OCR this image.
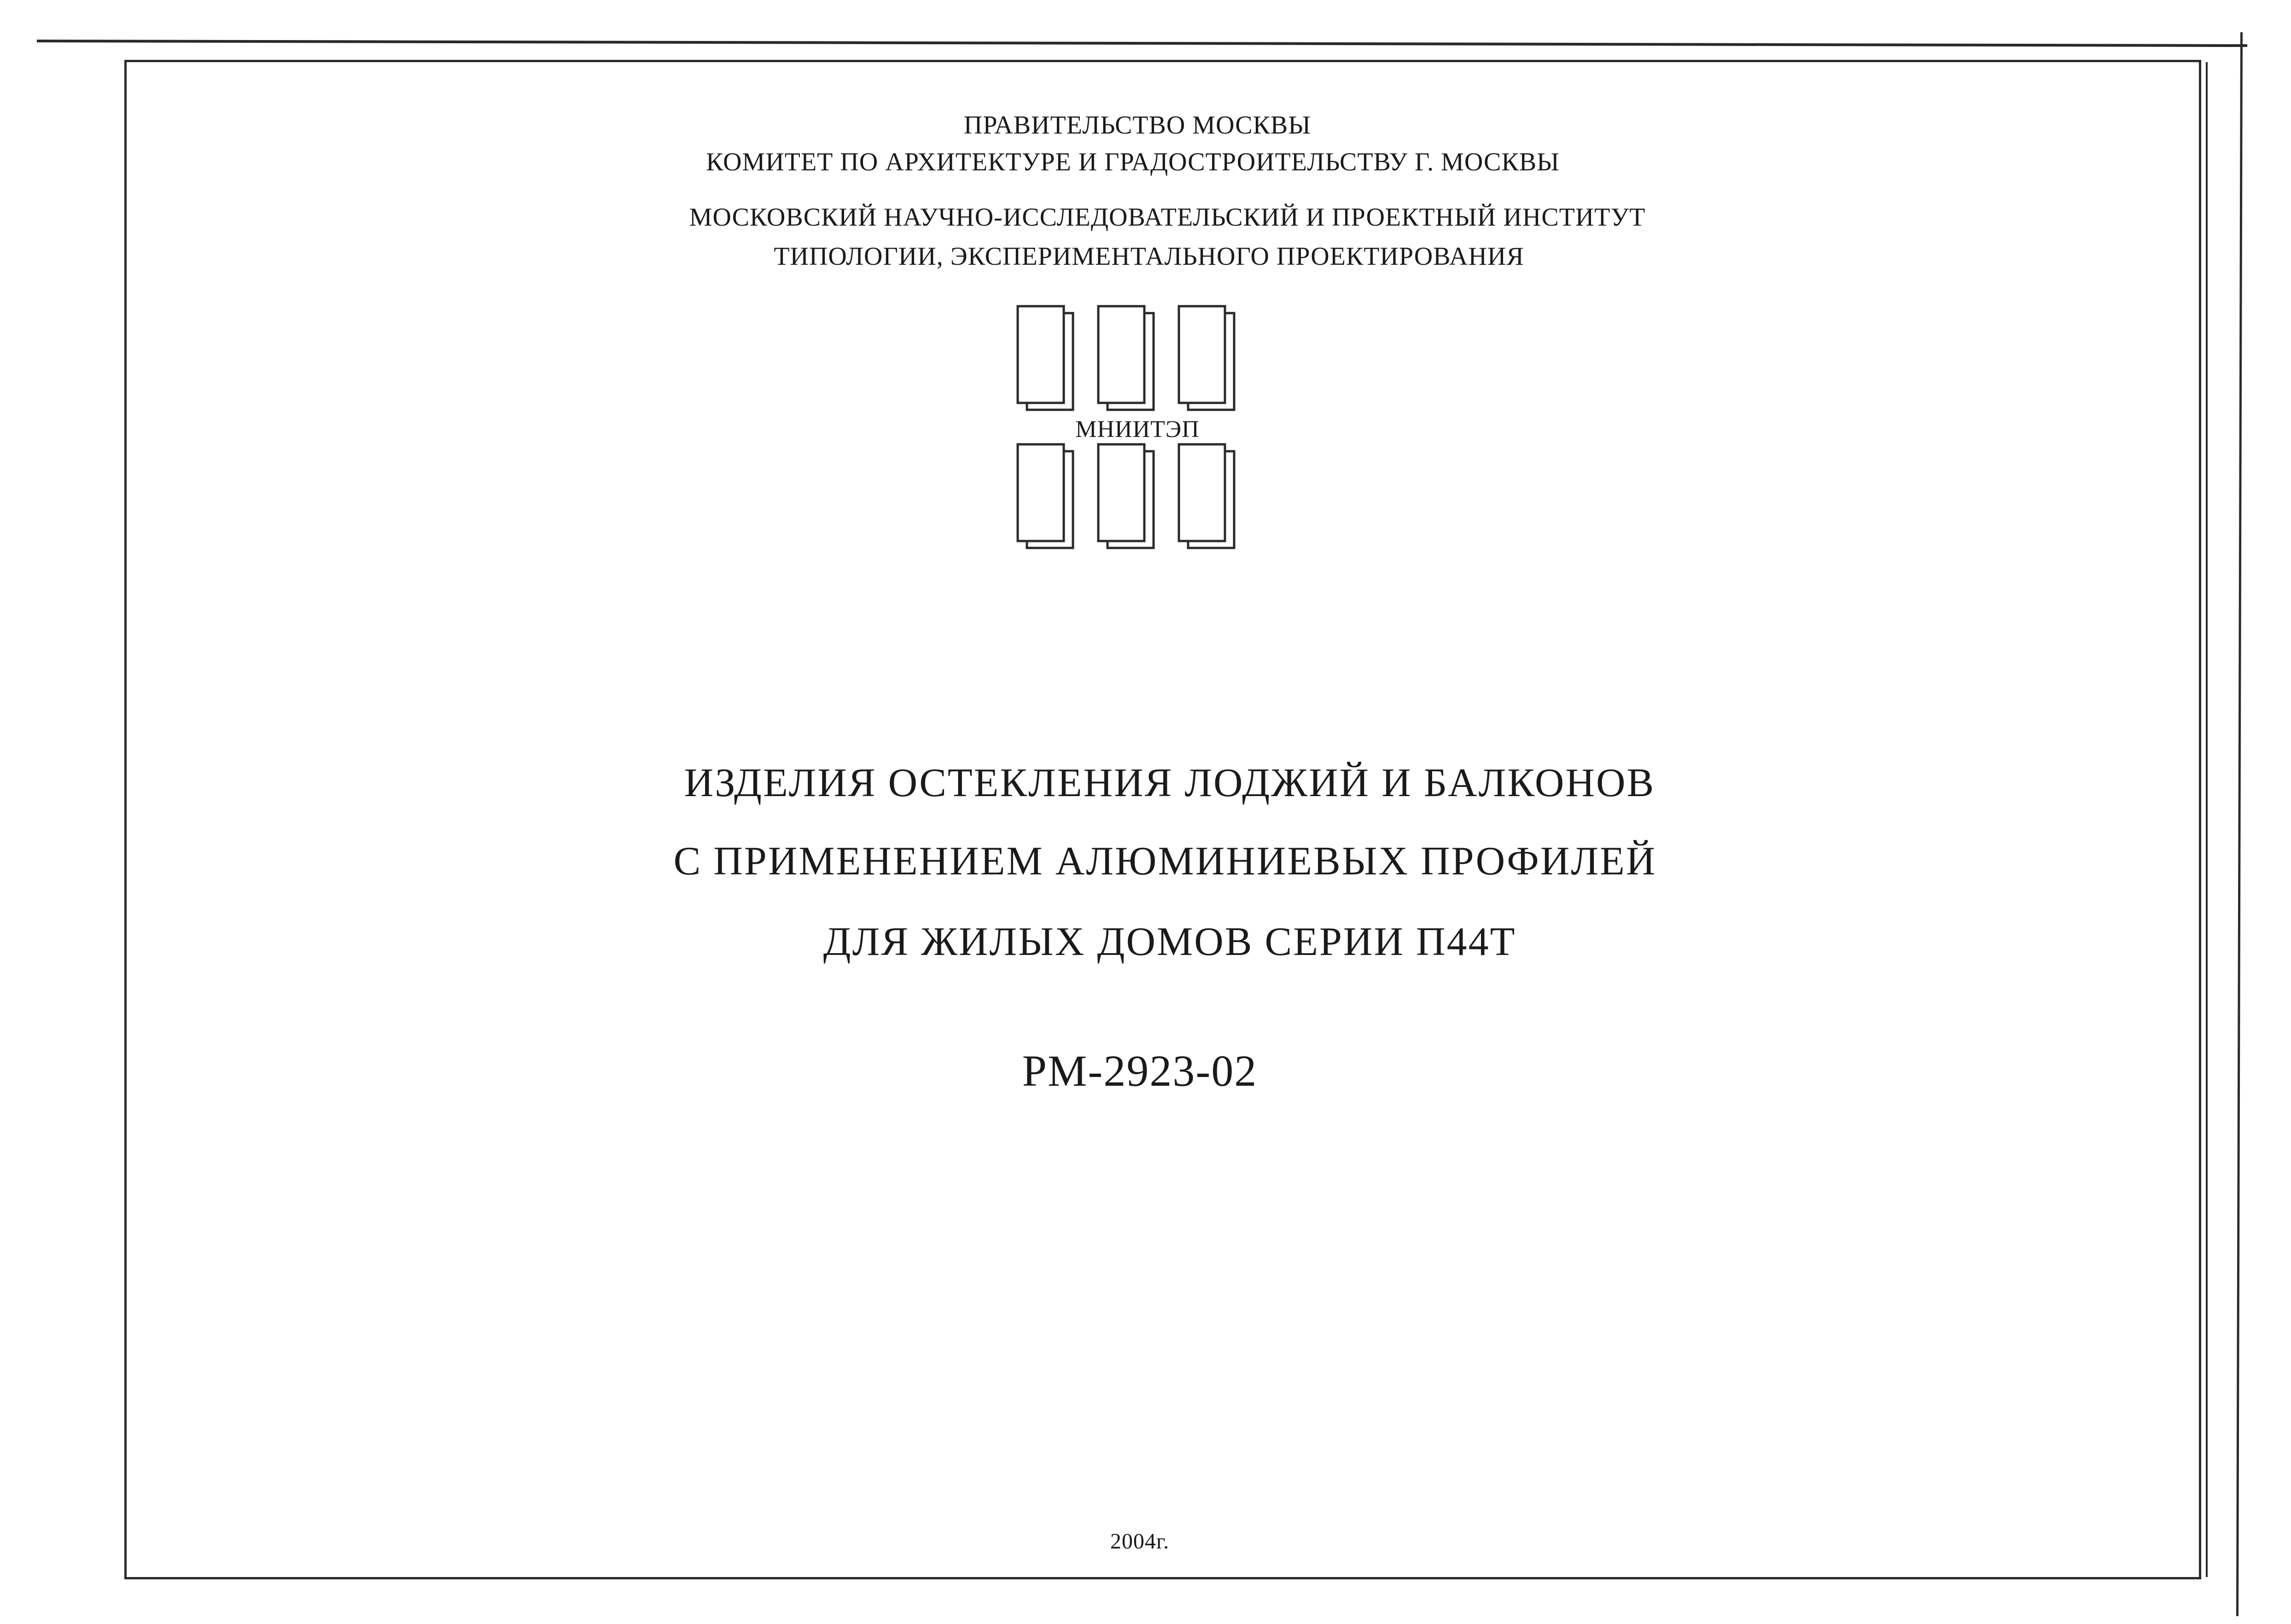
ПРАВИТЕЛЬСТВО МОСКВЫ
КОМИТЕТ ПО АРХИТЕКТУРЕ И ГРАДОСТРОИТЕЛЬСТВУ Г. МОСКВЫ
МОСКОВСКИЙ НАУЧНО-ИССЛЕДОВАТЕЛЬСКИЙ И ПРОЕКТНЫЙ ИНСТИТУТ
ТИПОЛОГИИ, ЭКСПЕРИМЕНТАЛЬНОГО ПРОЕКТИРОВАНИЯ
МНИИТЭП
ИЗДЕЛИЯ ОСТЕКЛЕНИЯ ЛОДЖИЙ И БАЛКОНОВ
С ПРИМЕНЕНИЕМ АЛЮМИНИЕВЫХ ПРОФИЛЕЙ
ДЛЯ ЖИЛЫХ ДОМОВ СЕРИИ П44Т
РМ-2923-02
2004г.
